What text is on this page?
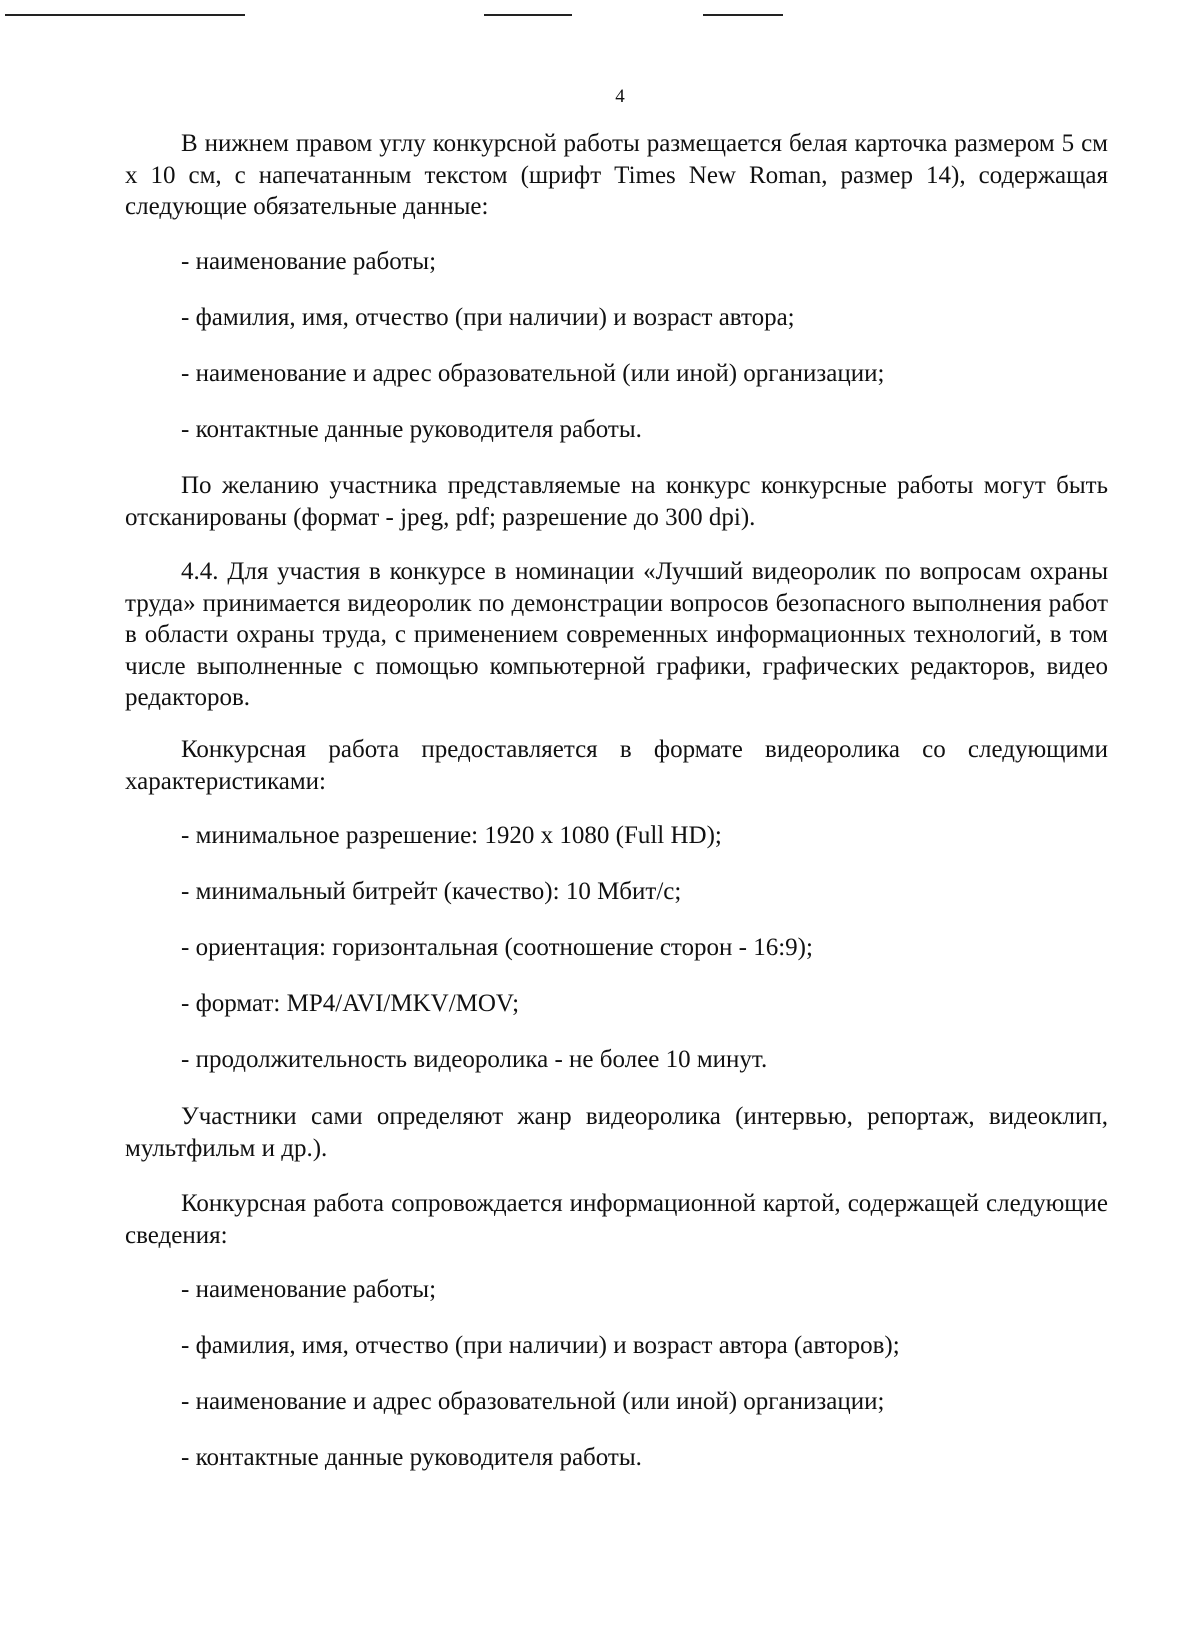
4

В нижнем правом углу конкурсной работы размещается белая карточка размером 5 см х 10 см, с напечатанным текстом (шрифт Times New Roman, размер 14), содержащая следующие обязательные данные:

- наименование работы;

- фамилия, имя, отчество (при наличии) и возраст автора;

- наименование и адрес образовательной (или иной) организации;

- контактные данные руководителя работы.

По желанию участника представляемые на конкурс конкурсные работы могут быть отсканированы (формат - jpeg, pdf; разрешение до 300 dpi).

4.4. Для участия в конкурсе в номинации «Лучший видеоролик по вопросам охраны труда» принимается видеоролик по демонстрации вопросов безопасного выполнения работ в области охраны труда, с применением современных информационных технологий, в том числе выполненные с помощью компьютерной графики, графических редакторов, видео редакторов.

Конкурсная работа предоставляется в формате видеоролика со следующими характеристиками:

- минимальное разрешение: 1920 х 1080 (Full HD);

- минимальный битрейт (качество): 10 Мбит/с;

- ориентация: горизонтальная (соотношение сторон - 16:9);

- формат: MP4/AVI/MKV/MOV;

- продолжительность видеоролика - не более 10 минут.

Участники сами определяют жанр видеоролика (интервью, репортаж, видеоклип, мультфильм и др.).

Конкурсная работа сопровождается информационной картой, содержащей следующие сведения:

- наименование работы;

- фамилия, имя, отчество (при наличии) и возраст автора (авторов);

- наименование и адрес образовательной (или иной) организации;

- контактные данные руководителя работы.
